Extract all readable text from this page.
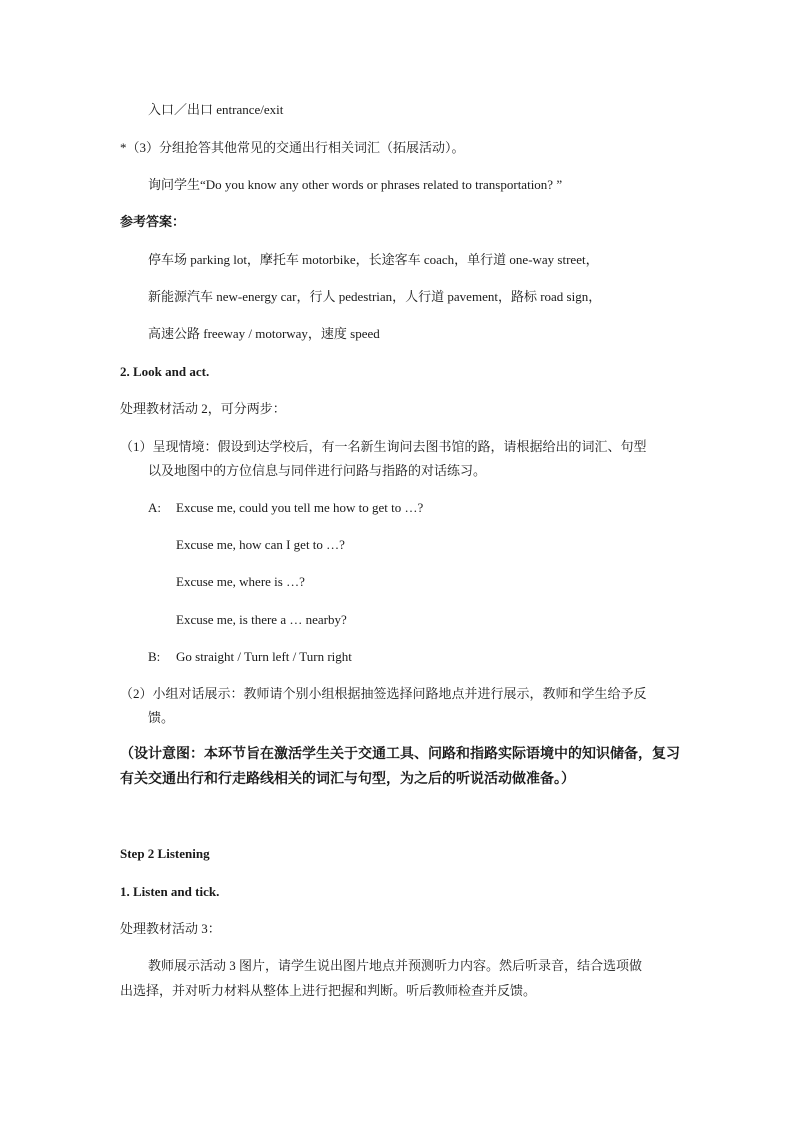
入口／出口 entrance/exit
*（3）分组抢答其他常见的交通出行相关词汇（拓展活动）。
询问学生“Do you know any other words or phrases related to transportation? ”
参考答案：
停车场 parking lot，摩托车 motorbike，长途客车 coach，单行道 one-way street，
新能源汽车 new-energy car，行人 pedestrian，人行道 pavement，路标 road sign，
高速公路 freeway / motorway，速度 speed
2. Look and act.
处理教材活动 2，可分两步：
（1）呈现情境：假设到达学校后，有一名新生询问去图书馆的路，请根据给出的词汇、句型
以及地图中的方位信息与同伴进行问路与指路的对话练习。
A: Excuse me, could you tell me how to get to …?
Excuse me, how can I get to …?
Excuse me, where is …?
Excuse me, is there a … nearby?
B: Go straight / Turn left / Turn right
（2）小组对话展示：教师请个别小组根据抽签选择问路地点并进行展示，教师和学生给予反
馈。
（设计意图：本环节旨在激活学生关于交通工具、问路和指路实际语境中的知识储备，复习
有关交通出行和行走路线相关的词汇与句型，为之后的听说活动做准备。）
Step 2 Listening
1. Listen and tick.
处理教材活动 3：
教师展示活动 3 图片，请学生说出图片地点并预测听力内容。然后听录音，结合选项做
出选择，并对听力材料从整体上进行把握和判断。听后教师检查并反馈。
